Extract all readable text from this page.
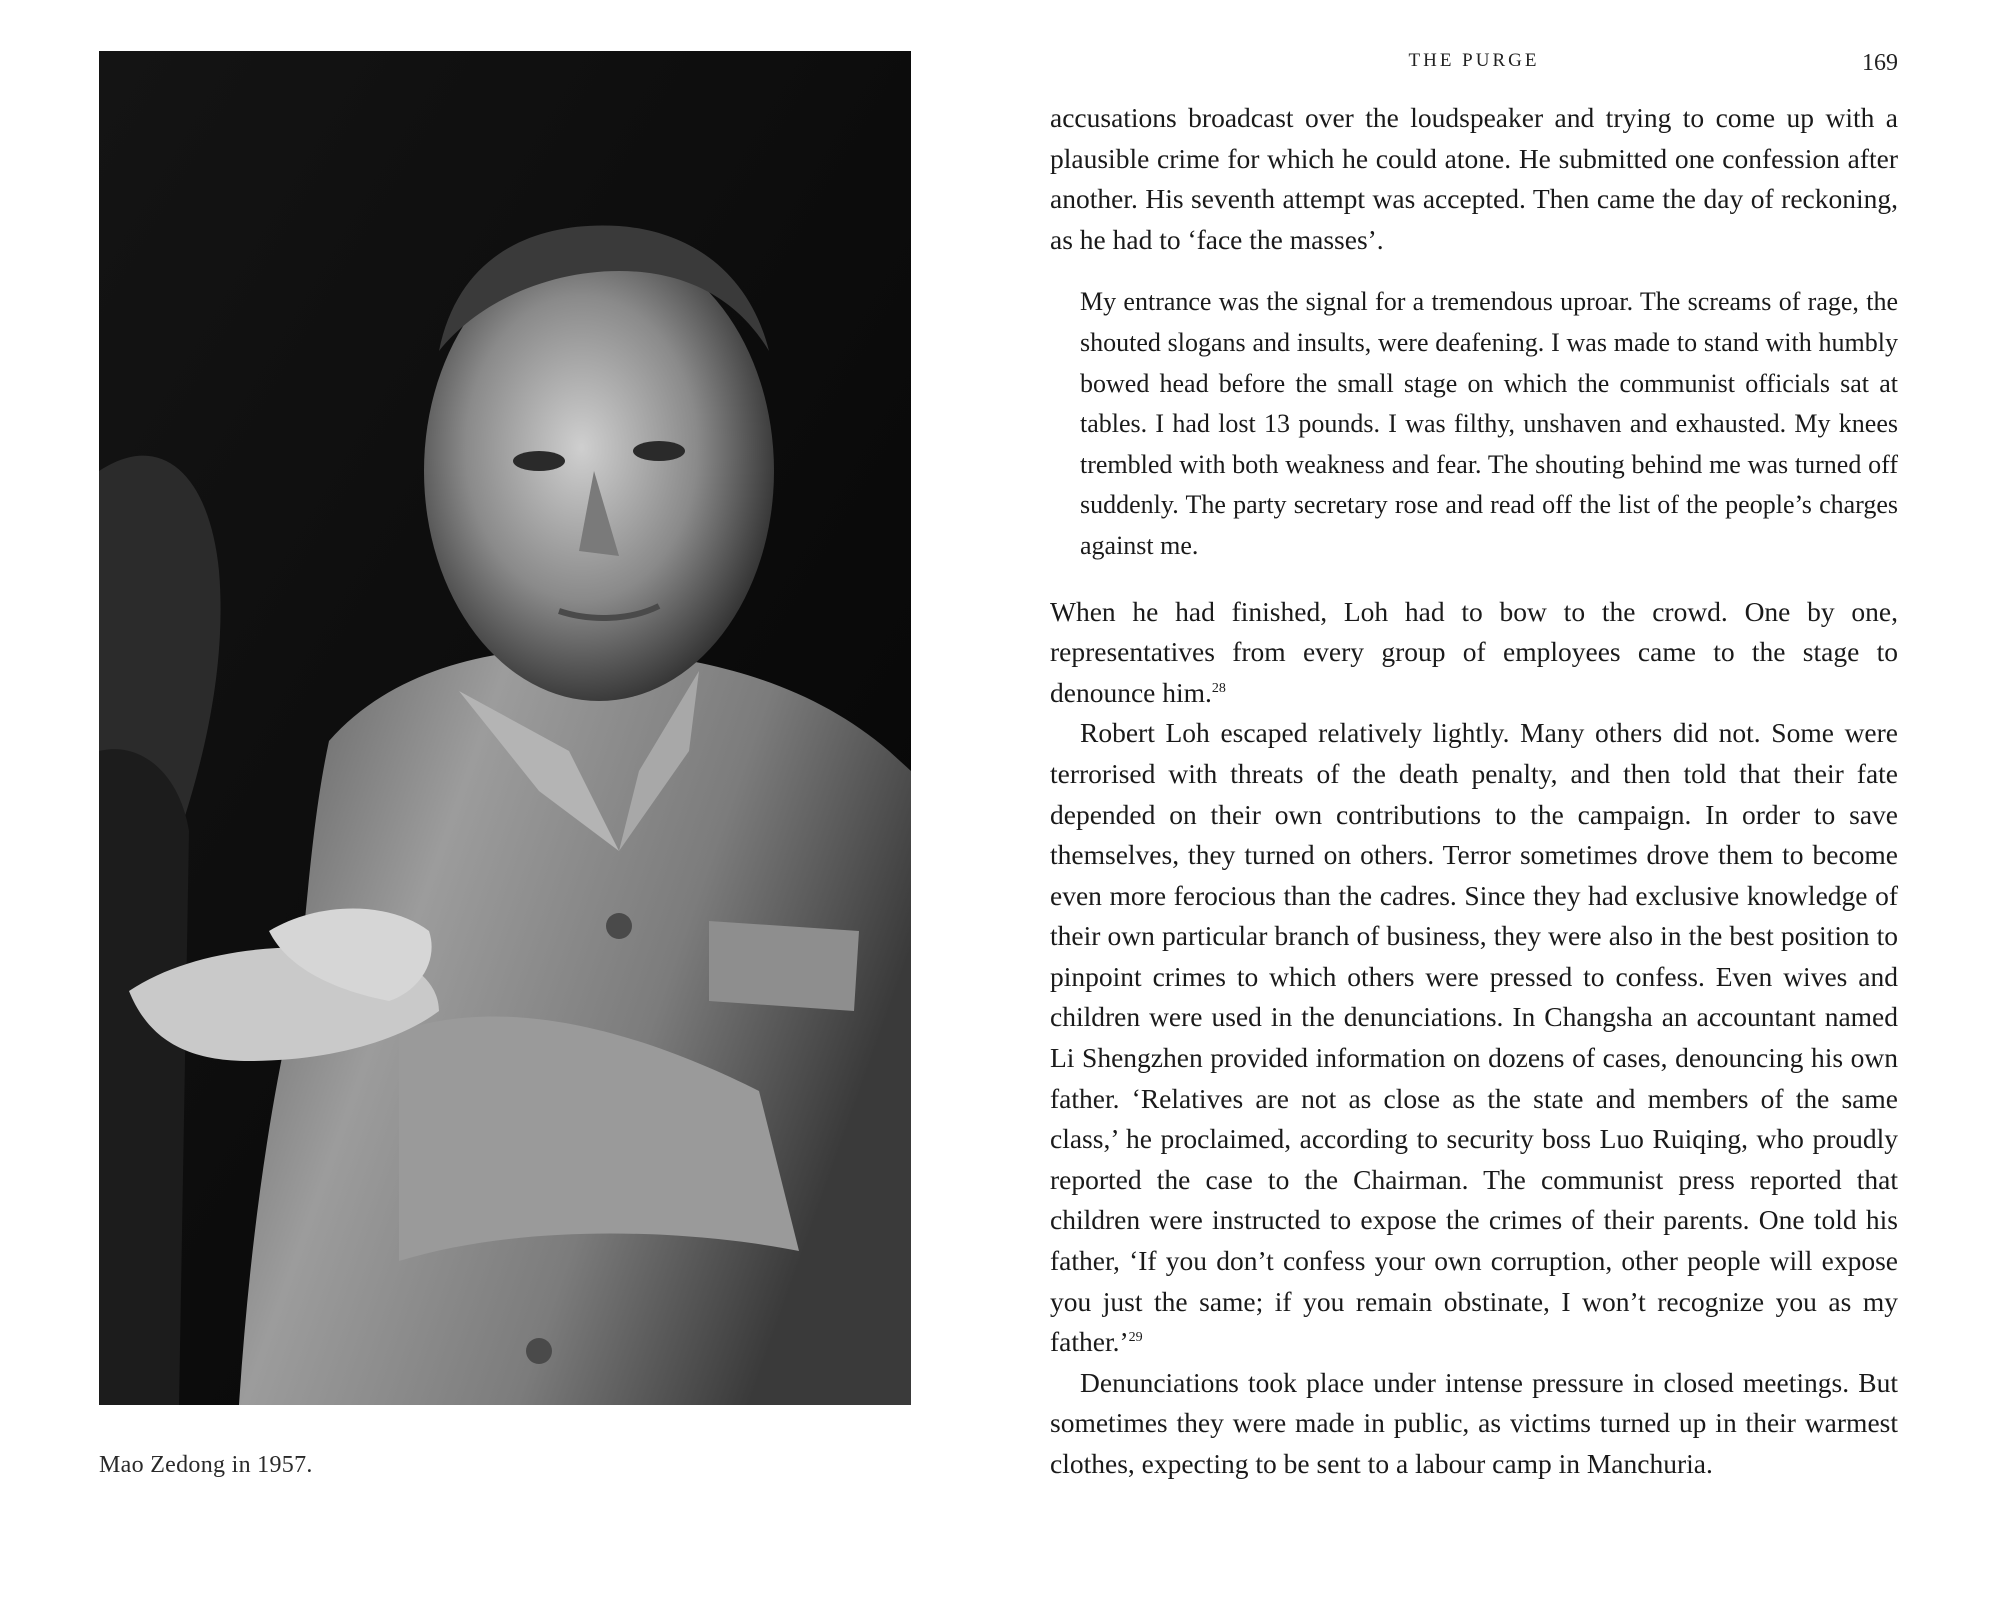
Mao Zedong in 1957.
THE PURGE	169

accusations broadcast over the loudspeaker and trying to come up with a plausible crime for which he could atone. He submitted one confession after another. His seventh attempt was accepted. Then came the day of reckoning, as he had to ‘face the masses’.

My entrance was the signal for a tremendous uproar. The screams of rage, the shouted slogans and insults, were deafening. I was made to stand with humbly bowed head before the small stage on which the communist officials sat at tables. I had lost 13 pounds. I was filthy, unshaven and exhausted. My knees trembled with both weakness and fear. The shouting behind me was turned off suddenly. The party secretary rose and read off the list of the people’s charges against me.

When he had finished, Loh had to bow to the crowd. One by one, representatives from every group of employees came to the stage to denounce him.$^{28}$

Robert Loh escaped relatively lightly. Many others did not. Some were terrorised with threats of the death penalty, and then told that their fate depended on their own contributions to the campaign. In order to save themselves, they turned on others. Terror sometimes drove them to become even more ferocious than the cadres. Since they had exclusive knowledge of their own particular branch of business, they were also in the best position to pinpoint crimes to which others were pressed to confess. Even wives and children were used in the denunciations. In Changsha an accountant named Li Shengzhen provided information on dozens of cases, denouncing his own father. ‘Relatives are not as close as the state and members of the same class,’ he proclaimed, according to security boss Luo Ruiqing, who proudly reported the case to the Chairman. The communist press reported that children were instructed to expose the crimes of their parents. One told his father, ‘If you don’t confess your own corruption, other people will expose you just the same; if you remain obstinate, I won’t recognize you as my father.’$^{29}$

Denunciations took place under intense pressure in closed meetings. But sometimes they were made in public, as victims turned up in their warmest clothes, expecting to be sent to a labour camp in Manchuria.
